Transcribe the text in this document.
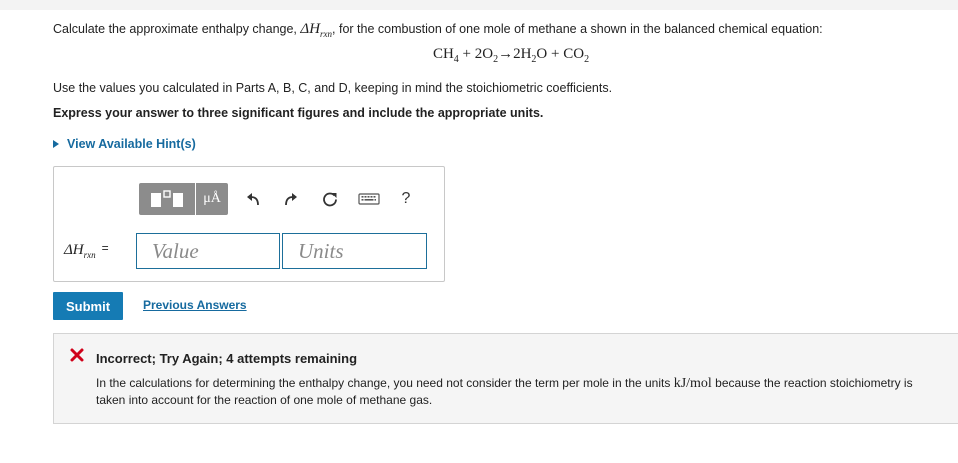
Calculate the approximate enthalpy change, $\Delta H_{rxn}$, for the combustion of one mole of methane a shown in the balanced chemical equation:
$CH_4 + 2O_2\to 2H_2O + CO_2$
Use the values you calculated in Parts A, B, C, and D, keeping in mind the stoichiometric coefficients.
Express your answer to three significant figures and include the appropriate units.
View Available Hint(s)
μÅ	?
$\Delta H_{rxn}$ =	Value	Units
Submit	Previous Answers
Incorrect; Try Again; 4 attempts remaining
In the calculations for determining the enthalpy change, you need not consider the term per mole in the units kJ/mol because the reaction stoichiometry is taken into account for the reaction of one mole of methane gas.
